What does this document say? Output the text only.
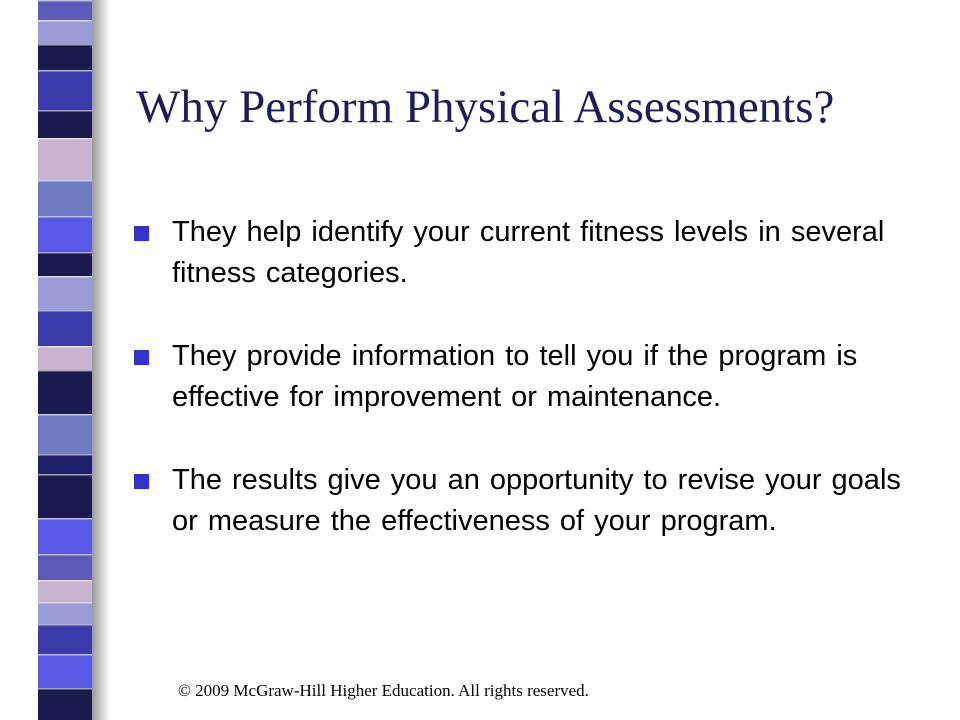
Why Perform Physical Assessments?
They help identify your current fitness levels in several fitness categories.
They provide information to tell you if the program is effective for improvement or maintenance.
The results give you an opportunity to revise your goals or measure the effectiveness of your program.
© 2009 McGraw-Hill Higher Education. All rights reserved.
